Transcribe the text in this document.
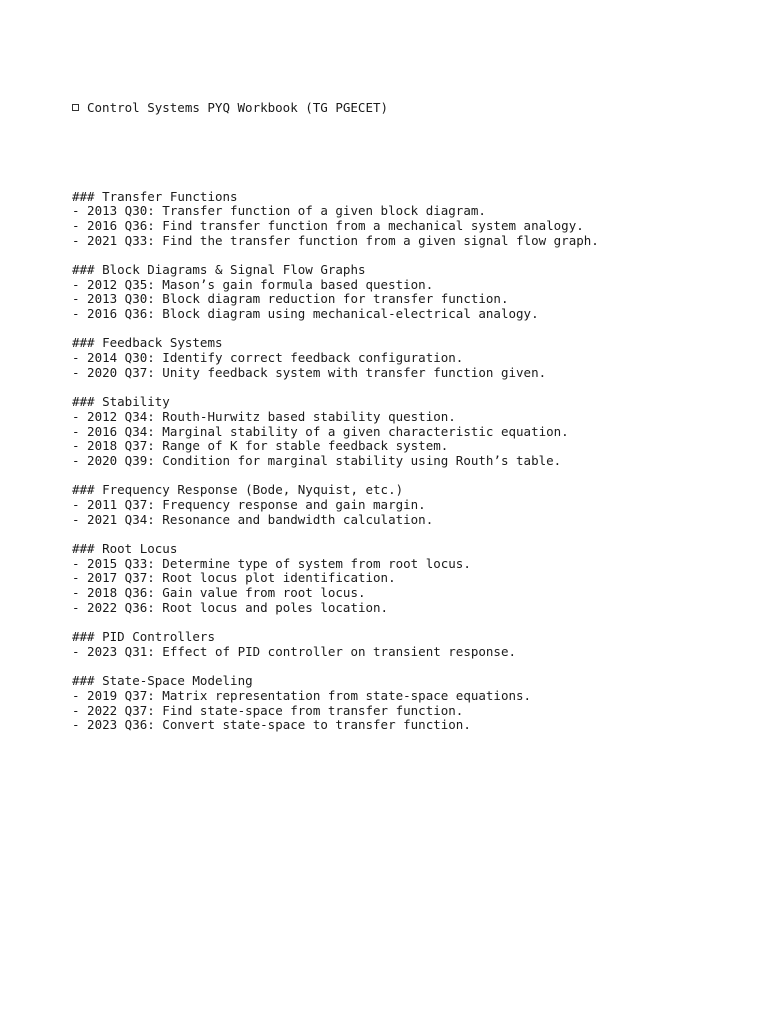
Control Systems PYQ Workbook (TG PGECET)

### Transfer Functions
- 2013 Q30: Transfer function of a given block diagram.
- 2016 Q36: Find transfer function from a mechanical system analogy.
- 2021 Q33: Find the transfer function from a given signal flow graph.
### Block Diagrams & Signal Flow Graphs
- 2012 Q35: Mason’s gain formula based question.
- 2013 Q30: Block diagram reduction for transfer function.
- 2016 Q36: Block diagram using mechanical-electrical analogy.
### Feedback Systems
- 2014 Q30: Identify correct feedback configuration.
- 2020 Q37: Unity feedback system with transfer function given.
### Stability
- 2012 Q34: Routh-Hurwitz based stability question.
- 2016 Q34: Marginal stability of a given characteristic equation.
- 2018 Q37: Range of K for stable feedback system.
- 2020 Q39: Condition for marginal stability using Routh’s table.
### Frequency Response (Bode, Nyquist, etc.)
- 2011 Q37: Frequency response and gain margin.
- 2021 Q34: Resonance and bandwidth calculation.
### Root Locus
- 2015 Q33: Determine type of system from root locus.
- 2017 Q37: Root locus plot identification.
- 2018 Q36: Gain value from root locus.
- 2022 Q36: Root locus and poles location.
### PID Controllers
- 2023 Q31: Effect of PID controller on transient response.
### State-Space Modeling
- 2019 Q37: Matrix representation from state-space equations.
- 2022 Q37: Find state-space from transfer function.
- 2023 Q36: Convert state-space to transfer function.
